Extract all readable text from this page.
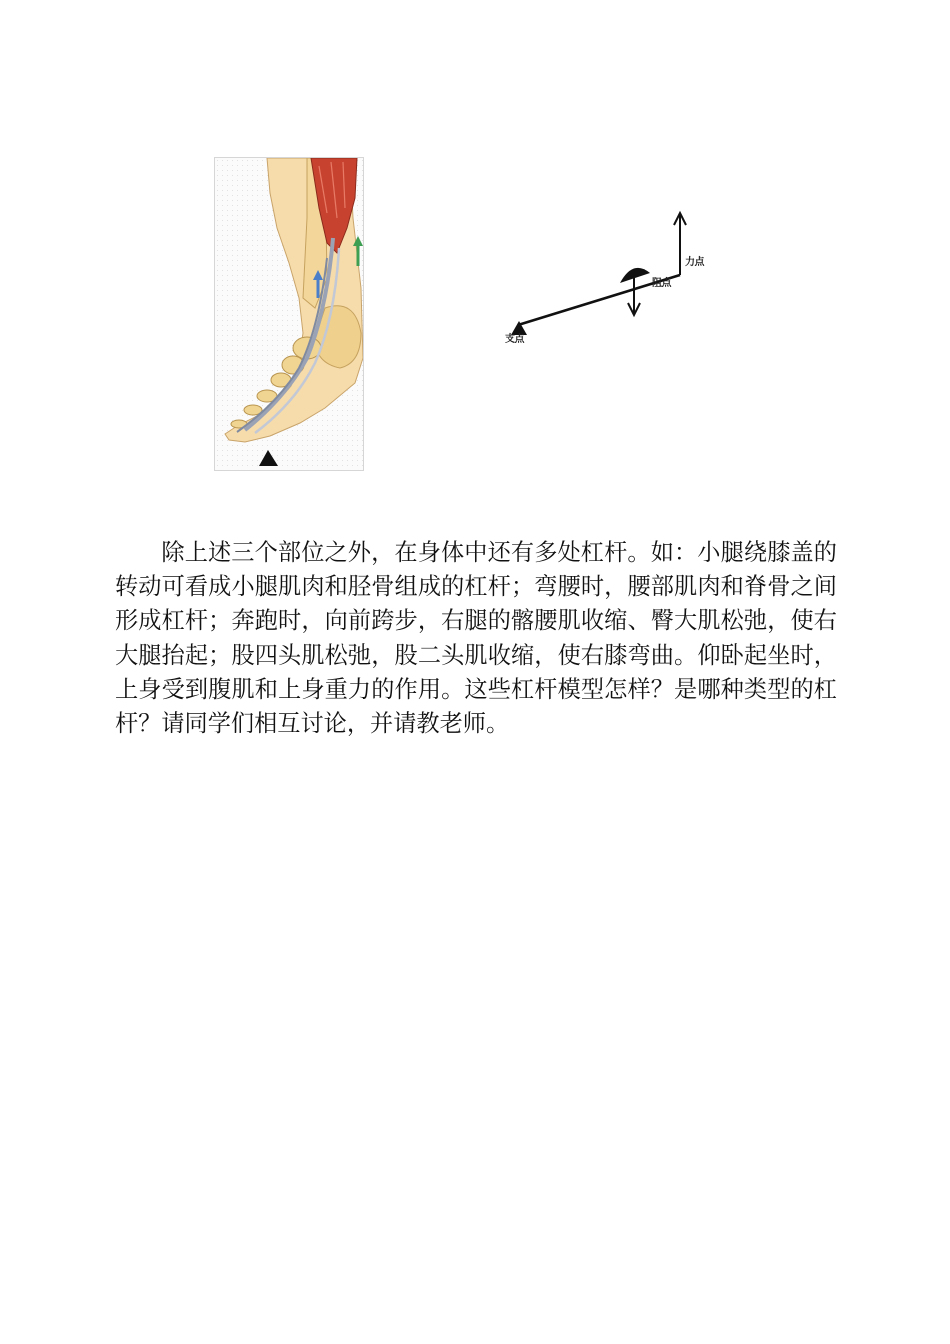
力点
阻点
支点

除上述三个部位之外，在身体中还有多处杠杆。如：小腿绕膝盖的转动可看成小腿肌肉和胫骨组成的杠杆；弯腰时，腰部肌肉和脊骨之间形成杠杆；奔跑时，向前跨步，右腿的髂腰肌收缩、臀大肌松弛，使右大腿抬起；股四头肌松弛，股二头肌收缩，使右膝弯曲。仰卧起坐时，上身受到腹肌和上身重力的作用。这些杠杆模型怎样？是哪种类型的杠杆？请同学们相互讨论，并请教老师。
